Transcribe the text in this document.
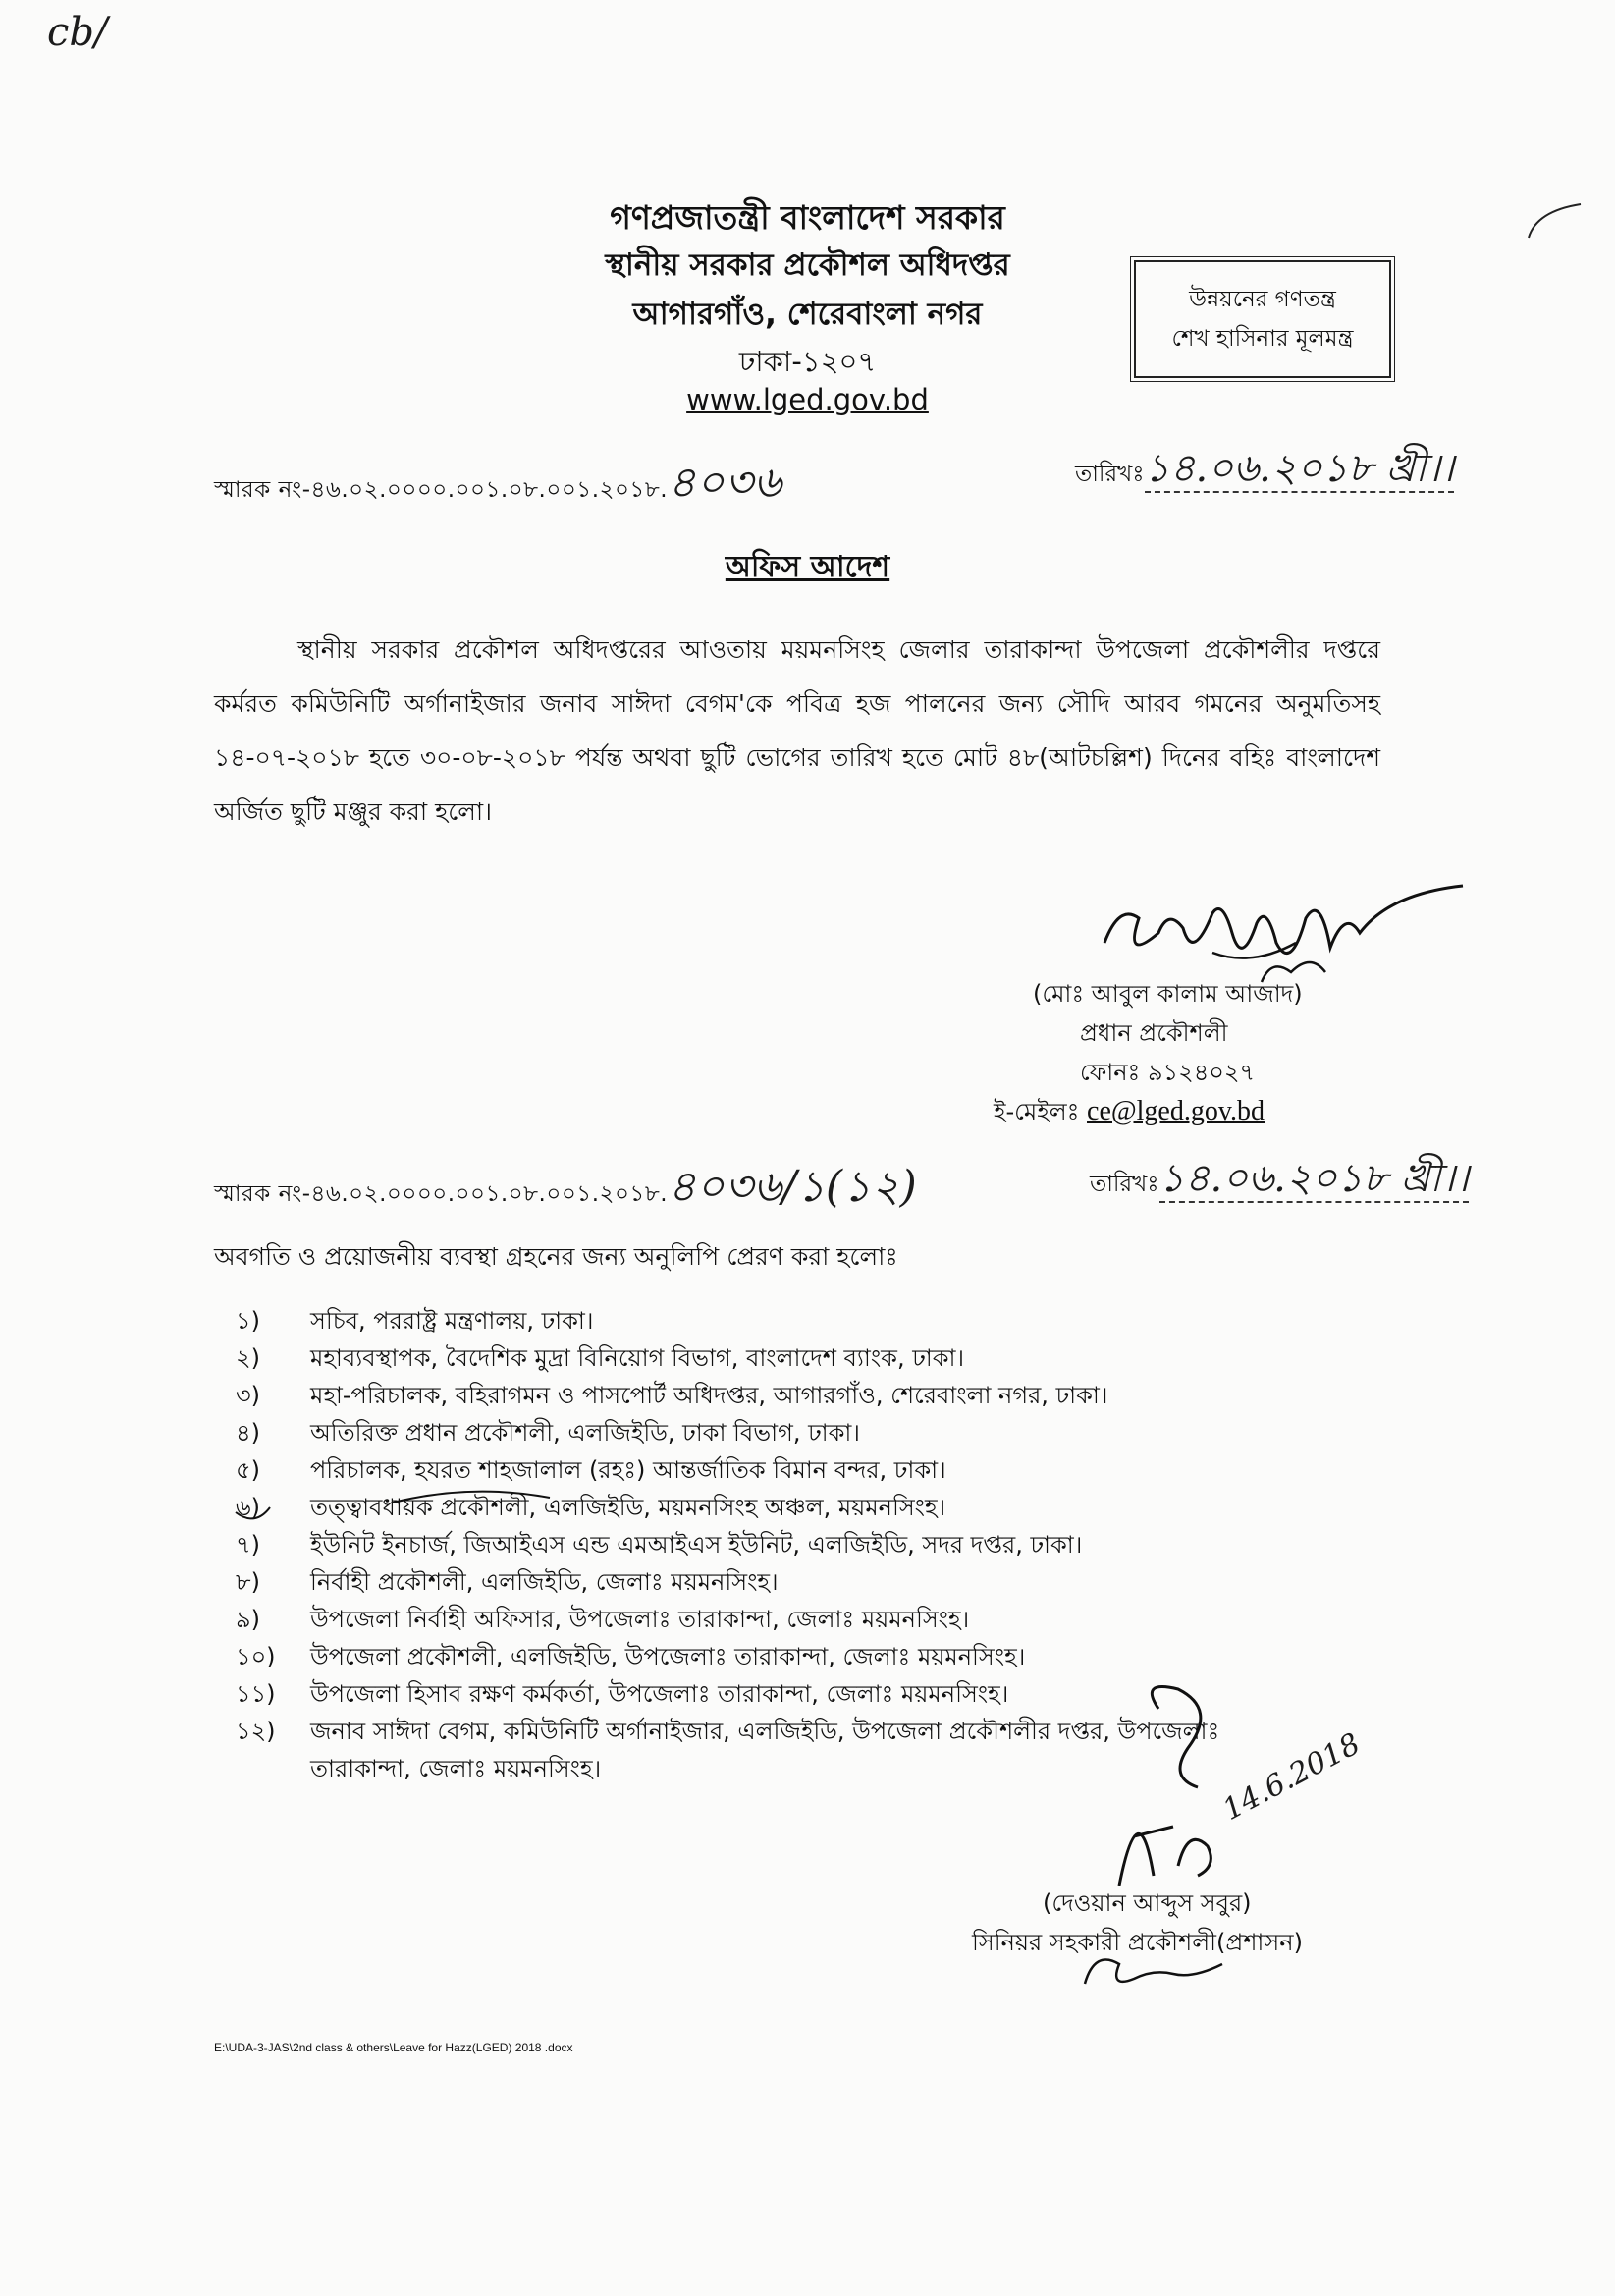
cb/
গণপ্রজাতন্ত্রী বাংলাদেশ সরকার
স্থানীয় সরকার প্রকৌশল অধিদপ্তর
আগারগাঁও, শেরেবাংলা নগর
ঢাকা-১২০৭
www.lged.gov.bd
উন্নয়নের গণতন্ত্র
শেখ হাসিনার মূলমন্ত্র
স্মারক নং-৪৬.০২.০০০০.০০১.০৮.০০১.২০১৮.৪০৩৬	তারিখঃ১৪.০৬.২০১৮ খ্রী।।
অফিস আদেশ
স্থানীয় সরকার প্রকৌশল অধিদপ্তরের আওতায় ময়মনসিংহ জেলার তারাকান্দা উপজেলা প্রকৌশলীর দপ্তরে কর্মরত কমিউনিটি অর্গানাইজার জনাব সাঈদা বেগম'কে পবিত্র হজ পালনের জন্য সৌদি আরব গমনের অনুমতিসহ ১৪-০৭-২০১৮ হতে ৩০-০৮-২০১৮ পর্যন্ত অথবা ছুটি ভোগের তারিখ হতে মোট ৪৮(আটচল্লিশ) দিনের বহিঃ বাংলাদেশ অর্জিত ছুটি মঞ্জুর করা হলো।
(মোঃ আবুল কালাম আজাদ)
প্রধান প্রকৌশলী
ফোনঃ ৯১২৪০২৭
ই-মেইলঃ ce@lged.gov.bd
স্মারক নং-৪৬.০২.০০০০.০০১.০৮.০০১.২০১৮.৪০৩৬/১(১২)	তারিখঃ১৪.০৬.২০১৮ খ্রী।।
অবগতি ও প্রয়োজনীয় ব্যবস্থা গ্রহনের জন্য অনুলিপি প্রেরণ করা হলোঃ
১)	সচিব, পররাষ্ট্র মন্ত্রণালয়, ঢাকা।
২)	মহাব্যবস্থাপক, বৈদেশিক মুদ্রা বিনিয়োগ বিভাগ, বাংলাদেশ ব্যাংক, ঢাকা।
৩)	মহা-পরিচালক, বহিরাগমন ও পাসপোর্ট অধিদপ্তর, আগারগাঁও, শেরেবাংলা নগর, ঢাকা।
৪)	অতিরিক্ত প্রধান প্রকৌশলী, এলজিইডি, ঢাকা বিভাগ, ঢাকা।
৫)	পরিচালক, হযরত শাহজালাল (রহঃ) আন্তর্জাতিক বিমান বন্দর, ঢাকা।
৬)	তত্ত্বাবধায়ক প্রকৌশলী, এলজিইডি, ময়মনসিংহ অঞ্চল, ময়মনসিংহ।
৭)	ইউনিট ইনচার্জ, জিআইএস এন্ড এমআইএস ইউনিট, এলজিইডি, সদর দপ্তর, ঢাকা।
৮)	নির্বাহী প্রকৌশলী, এলজিইডি, জেলাঃ ময়মনসিংহ।
৯)	উপজেলা নির্বাহী অফিসার, উপজেলাঃ তারাকান্দা, জেলাঃ ময়মনসিংহ।
১০)	উপজেলা প্রকৌশলী, এলজিইডি, উপজেলাঃ তারাকান্দা, জেলাঃ ময়মনসিংহ।
১১)	উপজেলা হিসাব রক্ষণ কর্মকর্তা, উপজেলাঃ তারাকান্দা, জেলাঃ ময়মনসিংহ।
১২)	জনাব সাঈদা বেগম, কমিউনিটি অর্গানাইজার, এলজিইডি, উপজেলা প্রকৌশলীর দপ্তর, উপজেলাঃ তারাকান্দা, জেলাঃ ময়মনসিংহ।	14.6.2018
(দেওয়ান আব্দুস সবুর)
সিনিয়র সহকারী প্রকৌশলী(প্রশাসন)
E:\UDA-3-JAS\2nd class & others\Leave for Hazz(LGED) 2018 .docx
